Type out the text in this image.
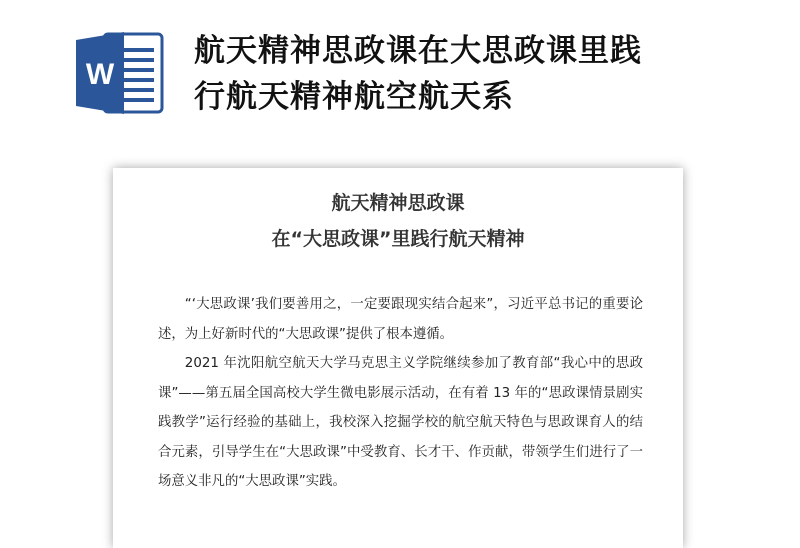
W
航天精神思政课在大思政课里践
行航天精神航空航天系
航天精神思政课
在“大思政课”里践行航天精神

“‘大思政课’我们要善用之，一定要跟现实结合起来”，习近平总书记的重要论述，为上好新时代的“大思政课”提供了根本遵循。

2021 年沈阳航空航天大学马克思主义学院继续参加了教育部“我心中的思政课”——第五届全国高校大学生微电影展示活动，在有着 13 年的“思政课情景剧实践教学”运行经验的基础上，我校深入挖掘学校的航空航天特色与思政课育人的结合元素，引导学生在“大思政课”中受教育、长才干、作贡献，带领学生们进行了一场意义非凡的“大思政课”实践。
